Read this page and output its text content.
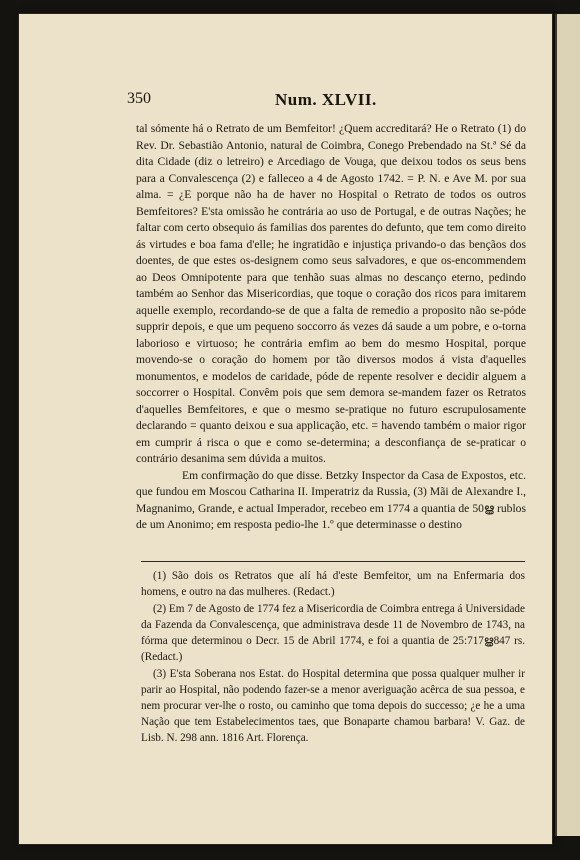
350	Num. XLVII.

tal sómente há o Retrato de um Bemfeitor! ¿Quem accreditará? He o Retrato (1) do Rev. Dr. Sebastião Antonio, natural de Coimbra, Conego Prebendado na St.ª Sé da dita Cidade (diz o letreiro) e Arcediago de Vouga, que deixou todos os seus bens para a Convalescença (2) e falleceo a 4 de Agosto 1742. = P. N. e Ave M. por sua alma. = ¿E porque não ha de haver no Hospital o Retrato de todos os outros Bemfeitores? E'sta omissão he contrária ao uso de Portugal, e de outras Nações; he faltar com certo obsequio ás familias dos parentes do defunto, que tem como direito ás virtudes e boa fama d'elle; he ingratidão e injustiça privando-o das bençãos dos doentes, de que estes os-designem como seus salvadores, e que os-encommendem ao Deos Omnipotente para que tenhão suas almas no descanço eterno, pedindo também ao Senhor das Misericordias, que toque o coração dos ricos para imitarem aquelle exemplo, recordando-se de que a falta de remedio a proposito não se-póde supprir depois, e que um pequeno soccorro ás vezes dá saude a um pobre, e o-torna laborioso e virtuoso; he contrária emfim ao bem do mesmo Hospital, porque movendo-se o coração do homem por tão diversos modos á vista d'aquelles monumentos, e modelos de caridade, póde de repente resolver e decidir alguem a soccorrer o Hospital. Convêm pois que sem demora se-mandem fazer os Retratos d'aquelles Bemfeitores, e que o mesmo se-pratique no futuro escrupulosamente declarando = quanto deixou e sua applicação, etc. = havendo também o maior rigor em cumprir á risca o que e como se-determina; a desconfiança de se-praticar o contrário desanima sem dúvida a muitos.

Em confirmação do que disse. Betzky Inspector da Casa de Expostos, etc. que fundou em Moscou Catharina II. Imperatriz da Russia, (3) Mãi de Alexandre I., Magnanimo, Grande, e actual Imperador, recebeo em 1774 a quantia de 50ൠ rublos de um Anonimo; em resposta pedio-lhe 1.º que determinasse o destino

(1) São dois os Retratos que alí há d'este Bemfeitor, um na Enfermaria dos homens, e outro na das mulheres. (Redact.)

(2) Em 7 de Agosto de 1774 fez a Misericordia de Coimbra entrega á Universidade da Fazenda da Convalescença, que administrava desde 11 de Novembro de 1743, na fórma que determinou o Decr. 15 de Abril 1774, e foi a quantia de 25:717ൠ847 rs. (Redact.)

(3) E'sta Soberana nos Estat. do Hospital determina que possa qualquer mulher ir parir ao Hospital, não podendo fazer-se a menor averiguação acêrca de sua pessoa, e nem procurar ver-lhe o rosto, ou caminho que toma depois do successo; ¿e he a uma Nação que tem Estabelecimentos taes, que Bonaparte chamou barbara! V. Gaz. de Lisb. N. 298 ann. 1816 Art. Florença.
